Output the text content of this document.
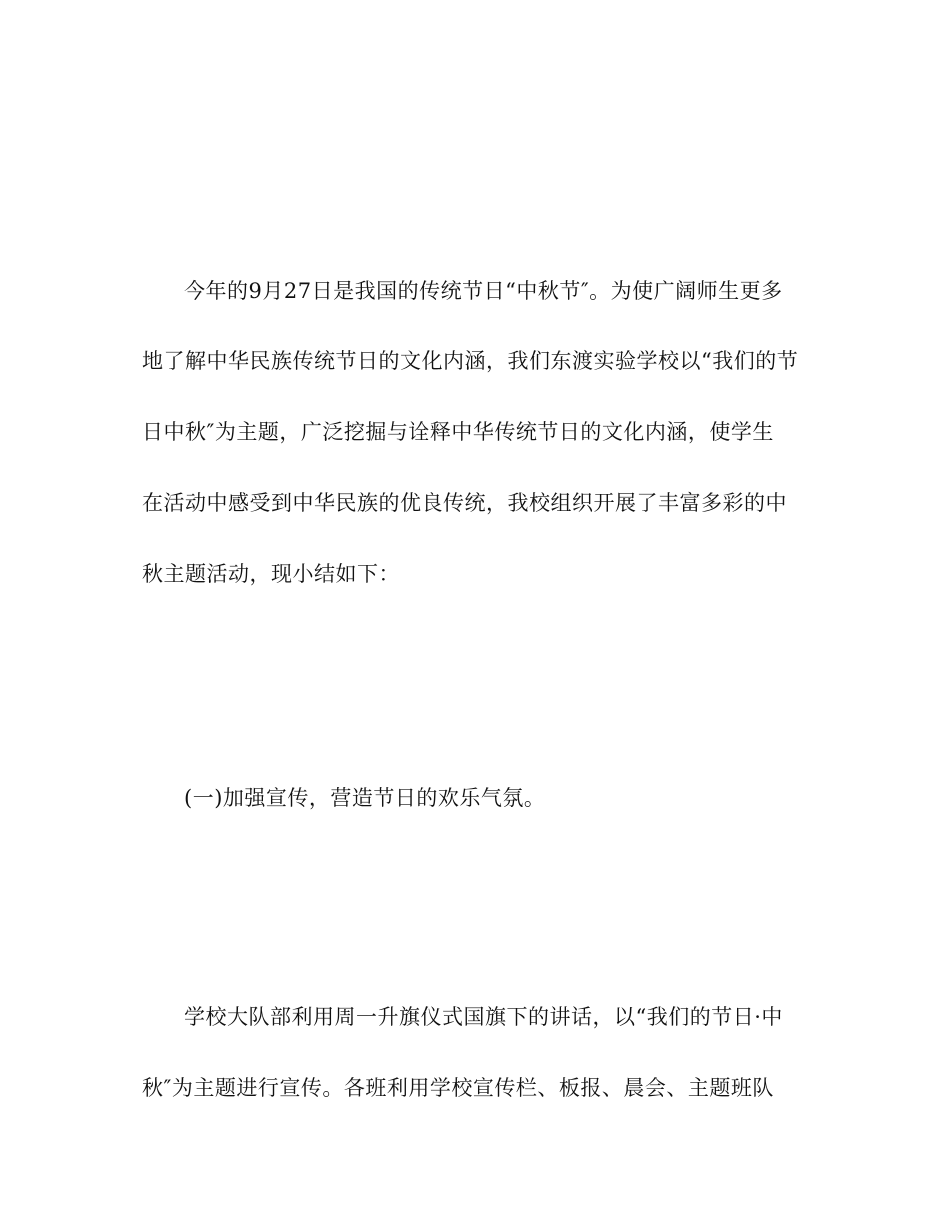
今年的9月27日是我国的传统节日“中秋节″。为使广阔师生更多
地了解中华民族传统节日的文化内涵，我们东渡实验学校以“我们的节
日中秋″为主题，广泛挖掘与诠释中华传统节日的文化内涵，使学生
在活动中感受到中华民族的优良传统，我校组织开展了丰富多彩的中
秋主题活动，现小结如下：
(一)加强宣传，营造节日的欢乐气氛。
学校大队部利用周一升旗仪式国旗下的讲话，以“我们的节日·中
秋″为主题进行宣传。各班利用学校宣传栏、板报、晨会、主题班队
